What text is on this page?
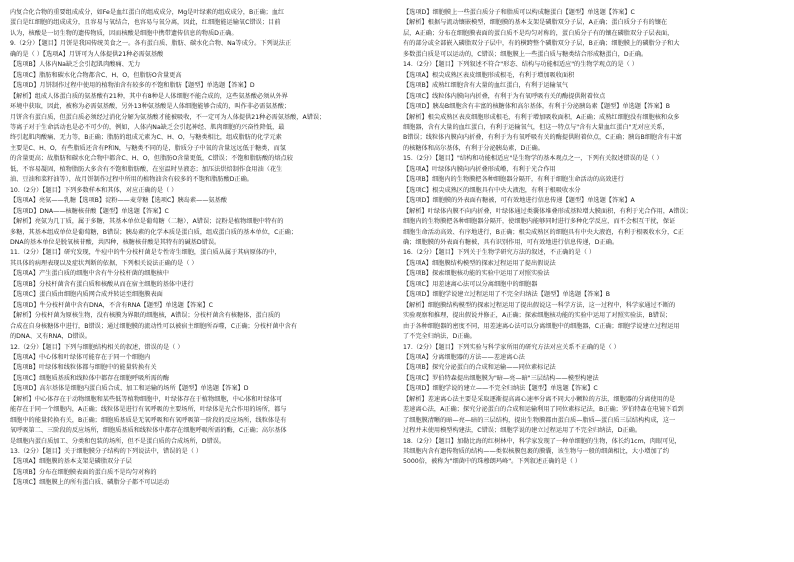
内复合化合物的重要组成成分，如Fe是血红蛋白的组成成分，Mg是叶绿素的组成成分，B正确；血红
蛋白是红细胞的组成成分，且容易与氧结合，也容易与氧分离，因此，红细胞能运输氧C错误；目前
认为，核酸是一切生物的遗传物质，因而核酸是细胞中携带遗传信息的物质D正确。
9.（2分）【题目】月饼是我国传统美食之一。各有蛋白质、脂肪、碳水化合物、Na等成分。下列说法正
确的是（ ）【选项A】月饼可为人体提供21种必需氨基酸
【选项B】人体内Na缺乏会引起肌肉酸痛、无力
【选项C】脂肪和碳水化合物都含C、H、O，但脂肪O含量更高
【选项D】月饼制作过程中使用的植物油含有较多的不饱和脂肪【题型】单选题【答案】D
【解析】组成人体蛋白质的氨基酸有21种，其中有8种是人体细胞不能合成的，这些氨基酸必须从外界
环境中获取，因此，被称为必需氨基酸，另外13种氨基酸是人体细胞能够合成的，叫作非必需氨基酸；
月饼含有蛋白质，但蛋白质必须经过消化分解为氨基酸才能被吸收，不一定可为人体提供21种必需氨基酸，A错误；
等离子对于生命活动也是必不可少的，例如，人体内Na缺乏会引起神经、肌肉细胞的兴奋性降低，最
终引起肌肉酸痛、无力等，B正确；脂肪的组成元素为C、H、O，与糖类相比，组成脂肪的化学元素
主要是C、H、O，有些脂质还含有P和N，与糖类不同的是，脂质分子中氧的含量远远低于糖类，而氢
的含量更高；故脂肪和碳水化合物中都含C、H、O，但脂肪O含量更低，C错误；不饱和脂肪酸的熔点较
低，不容易凝固，植物脂肪大多含有不饱和脂肪酸，在室温时呈液态；加压法烘焙制作食用油（花生
油、豆油和菜籽油等），故月饼制作过程中所用的植物油含有较多的不饱和脂肪酸D正确。
10.（2分）【题目】下列多数样本和其体，对应正确的是（ ）
【选项A】亮氨——乳糖【选项B】淀粉——麦芽糖【选项C】胰岛素——氨基酸
【选项D】DNA——核糖核苷酸【题型】单选题【答案】C
【解析】亮氨为几丁质，属于多糖，其基本单位是葡萄糖（二糖），A错误；淀粉是植物细胞中特有的
多糖，其基本组成单位是葡萄糖，B错误；胰岛素的化学本质是蛋白质，组成蛋白质的基本单位，C正确；
DNA的基本单位是脱氧核苷酸，共四种，核糖核苷酸是其特有的碱基D错误。
11.（2分）【题目】研究发现，牛痘中的牛分枝杆菌是专性寄生细胞，蛋白质从属于其病原体的中，
其具体的病理表现以及症状判断的依据，下列相关说法正确的是（ ）
【选项A】产生蛋白质的细胞中含有牛分枝杆菌的细胞核中
【选项B】分枝杆菌含有蛋白质和核酸从而在宿主细胞的基体中进行
【选项C】蛋白质由细胞内质网合成并转运至细胞膜表面
【选项D】牛分枝杆菌中含有DNA，不含有RNA【题型】单选题【答案】C
【解析】分枝杆菌为原核生物，没有核膜为界限的细胞核，A错误；分枝杆菌含有核糖体，蛋白质的
合成在自身核糖体中进行，B错误；通过细胞膜的流动性可以被宿主细胞所吞噬，C正确；分枝杆菌中含有
的DNA、又有RNA，D错误。
12.（2分）【题目】下列与细胞结构相关的叙述，错误的是（ ）
【选项A】中心体和叶绿体可能存在于同一个细胞内
【选项B】叶绿体和线粒体都与细胞中的能量转换有关
【选项C】细胞质基质和线粒体中都存在细胞呼吸所需的酶
【选项D】高尔基体是细胞内蛋白质合成、加工和运输的场所【题型】单选题【答案】D
【解析】中心体存在于动物细胞和某些低等植物细胞中，叶绿体存在于植物细胞，中心体和叶绿体可
能存在于同一个细胞内，A正确；线粒体是进行有氧呼吸的主要场所，叶绿体是光合作用的场所，都与
细胞中的能量转换有关，B正确；细胞质基质是无氧呼吸和有氧呼吸第一阶段的反应场所，线粒体是有
氧呼吸第二、三阶段的反应场所，细胞质基质和线粒体中都存在细胞呼吸所需的酶，C正确；高尔基体
是细胞内蛋白质加工、分类和包装的场所，但不是蛋白质的合成场所，D错误。
13.（2分）【题目】关于细胞膜分子结构的下列说法中，错误的是（ ）
【选项A】细胞膜的基本支架是磷脂双分子层
【选项B】分布在细胞膜表面的蛋白质不是均匀对称的
【选项C】细胞膜上的所有蛋白质、磷脂分子都不可以运动
【选项D】细胞膜上一些蛋白质分子和脂质可以构成糖蛋白【题型】单选题【答案】C
【解析】根据与流动镶嵌模型，细胞膜的基本支架是磷脂双分子层，A正确；蛋白质分子有的镶在
层，A正确；分布在细胞膜表面的蛋白质不是均匀对称的，蛋白质分子有的镶在磷脂双分子层表面，
有的部分或全部嵌入磷脂双分子层中，有的横跨整个磷脂双分子层，B正确；细胞膜上的磷脂分子和大
多数蛋白质是可以运动的，C错误；细胞膜上一些蛋白质与糖类结合形成糖蛋白，D正确。
14.（2分）【题目】下列叙述不符合"形态、结构与功能相适应"的生物学观点的是（ ）
【选项A】根尖成熟区表皮细胞形成根毛，有利于增加吸收面积
【选项B】成熟红细胞含有大量的血红蛋白，有利于运输氧气
【选项C】线粒体内膜向内折叠，有利于为有氧呼吸有关的酶提供附着位点
【选项D】胰岛B细胞含有丰富的核糖体和高尔基体，有利于分泌胰岛素【题型】单选题【答案】B
【解析】根尖成熟区表皮细胞形成根毛，有利于增加吸收面积，A正确；成熟红细胞没有细胞核和众多
细胞器，含有大量的血红蛋白，有利于运输氧气，但这一特点与"含有大量血红蛋白"无对应关系，
B错误；线粒体内膜向内折叠，有利于为有氧呼吸有关的酶提供附着位点，C正确；胰岛B细胞含有丰富
的核糖体和高尔基体，有利于分泌胰岛素，D正确。
15.（2分）【题目】"结构和功能相适应"是生物学的基本观点之一，下列有关叙述错误的是（ ）
【选项A】叶绿体内膜向内折叠形成嵴，有利于光合作用
【选项B】细胞内的生物膜把各种细胞器分隔开，有利于细胞生命活动的高效进行
【选项C】根尖成熟区的细胞具有中央大液泡，有利于根吸收水分
【选项D】细胞膜的外表面有糖被，可有效地进行信息传递【题型】单选题【答案】A
【解析】叶绿体内膜不向内折叠，叶绿体通过类囊体堆叠形成基粒增大膜面积，有利于光合作用，A错误；
细胞内的生物膜把各种细胞器分隔开，使细胞内能够同时进行多种化学反应，而不会相互干扰，保证
细胞生命活动高效、有序地进行，B正确；根尖成熟区的细胞具有中央大液泡，有利于根吸收水分，C正
确；细胞膜的外表面有糖被，具有识别作用，可有效地进行信息传递，D正确。
16.（2分）【题目】下列关于生物学研究方法的叙述，不正确的是（ ）
【选项A】细胞膜结构模型的探索过程运用了提出假说法
【选项B】探索细胞核功能的实验中运用了对照实验法
【选项C】用差速离心法可以分离细胞中的细胞器
【选项D】细胞学说建立过程运用了不完全归纳法【题型】单选题【答案】B
【解析】细胞膜结构模型的探索过程运用了提出假说这一科学方法，这一过程中，科学家通过不断的
实验观察和推理，提出假说并修正，A正确；探索细胞核功能的实验中运用了对照实验法，B错误；
由于各种细胞器的密度不同，用差速离心法可以分离细胞中的细胞器，C正确；细胞学说建立过程运用
了不完全归纳法，D正确。
17.（2分）【题目】下列实验与科学家所用的研究方法对应关系不正确的是（ ）
【选项A】分离细胞器的方法——差速离心法
【选项B】探究分泌蛋白的合成和运输——同位素标记法
【选项C】罗伯特森提出细胞膜为"暗—亮—暗"三层结构——模型构建法
【选项D】细胞学说的建立——不完全归纳法【题型】单选题【答案】C
【解析】差速离心法主要是采取逐渐提高离心速率分离不同大小颗粒的方法，细胞器的分离使用的是
差速离心法，A正确；探究分泌蛋白的合成和运输利用了同位素标记法，B正确；罗伯特森在电镜下看到
了细胞膜清晰的暗—亮—暗的三层结构，提出生物膜都由蛋白质—脂质—蛋白质三层结构构成，这一
过程并未使用模型构建法，C错误；细胞学说的建立过程运用了不完全归纳法，D正确。
18.（2分）【题目】加勒比海的红树林中，科学家发现了一种单细胞的生物，体长约1cm，肉眼可见，
其细胞内含有遗传物质的结构——类似核膜包裹的膜囊，该生物与一般的细菌相比，大小增加了约
5000倍，被称为"细菌中的珠穆朗玛峰"。下列叙述正确的是（ ）
